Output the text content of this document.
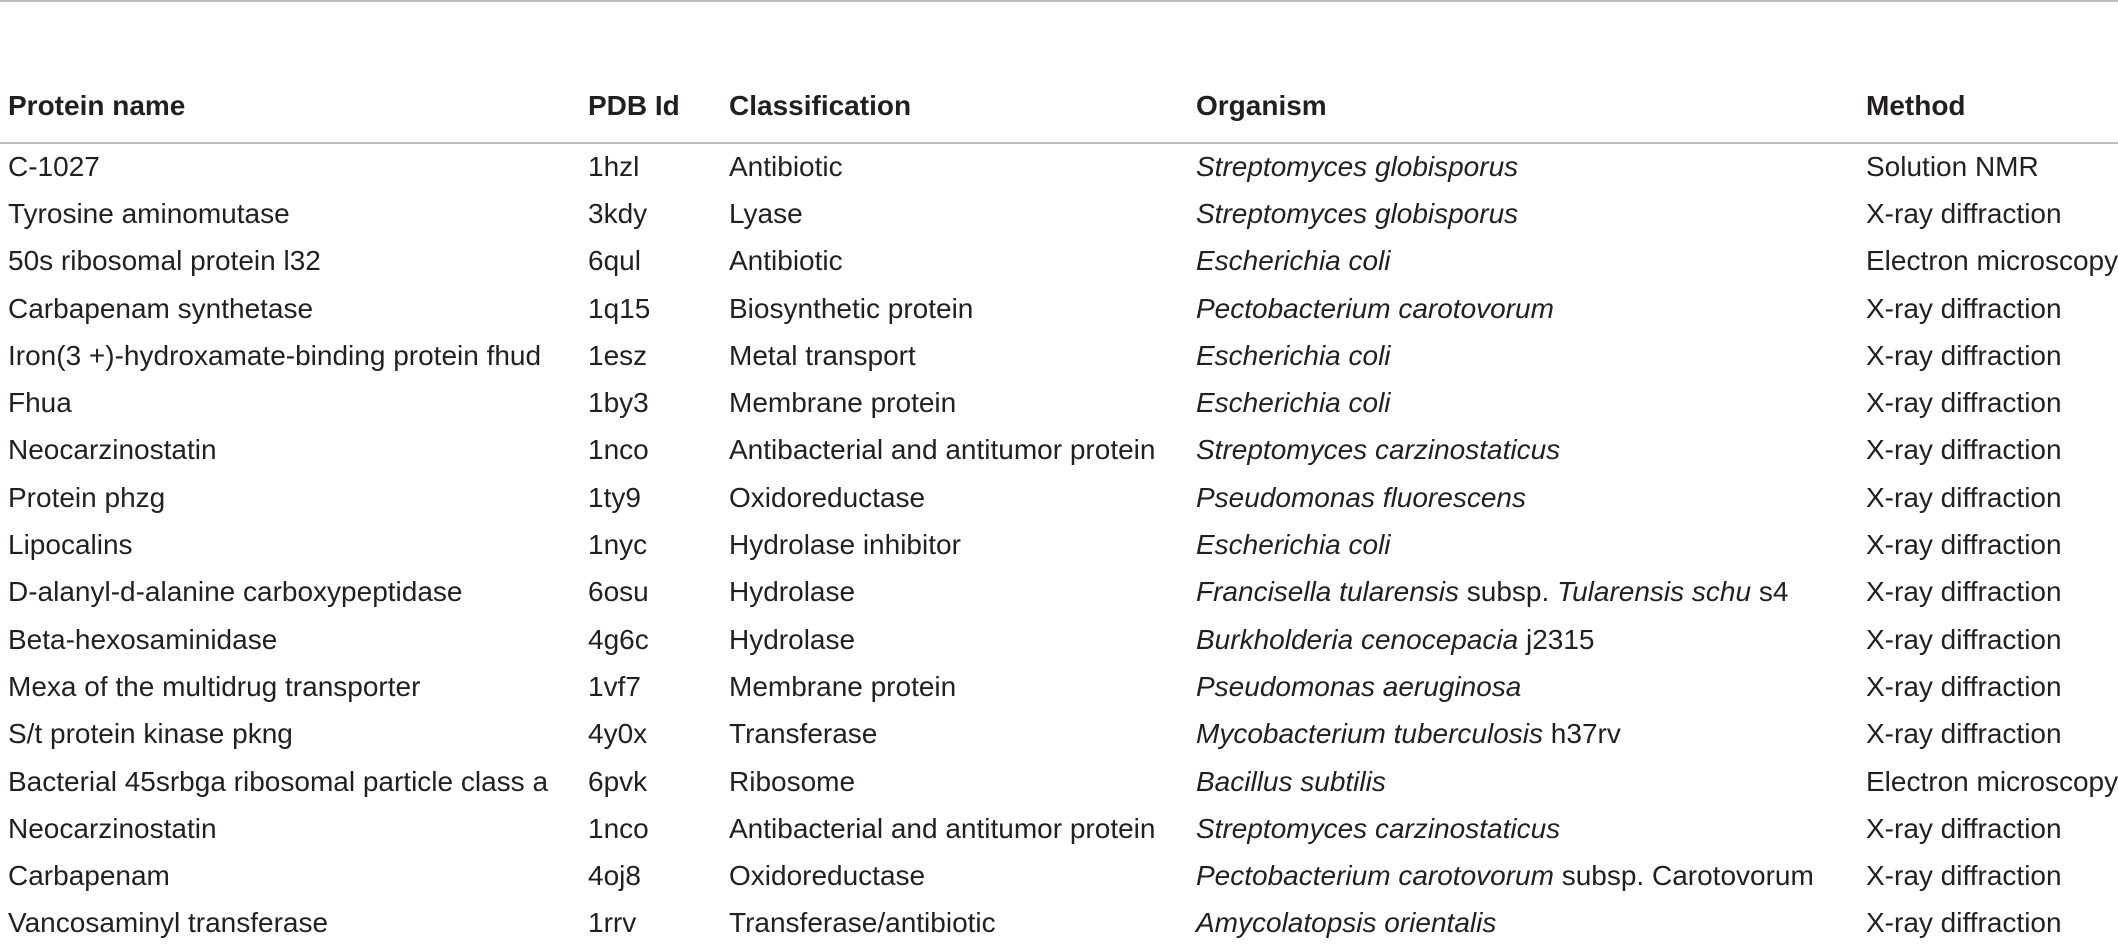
Protein name	PDB Id	Classification	Organism	Method
C-1027	1hzl	Antibiotic	Streptomyces globisporus	Solution NMR
Tyrosine aminomutase	3kdy	Lyase	Streptomyces globisporus	X-ray diffraction
50s ribosomal protein l32	6qul	Antibiotic	Escherichia coli	Electron microscopy
Carbapenam synthetase	1q15	Biosynthetic protein	Pectobacterium carotovorum	X-ray diffraction
Iron(3 +)-hydroxamate-binding protein fhud	1esz	Metal transport	Escherichia coli	X-ray diffraction
Fhua	1by3	Membrane protein	Escherichia coli	X-ray diffraction
Neocarzinostatin	1nco	Antibacterial and antitumor protein	Streptomyces carzinostaticus	X-ray diffraction
Protein phzg	1ty9	Oxidoreductase	Pseudomonas fluorescens	X-ray diffraction
Lipocalins	1nyc	Hydrolase inhibitor	Escherichia coli	X-ray diffraction
D-alanyl-d-alanine carboxypeptidase	6osu	Hydrolase	Francisella tularensis subsp. Tularensis schu s4	X-ray diffraction
Beta-hexosaminidase	4g6c	Hydrolase	Burkholderia cenocepacia j2315	X-ray diffraction
Mexa of the multidrug transporter	1vf7	Membrane protein	Pseudomonas aeruginosa	X-ray diffraction
S/t protein kinase pkng	4y0x	Transferase	Mycobacterium tuberculosis h37rv	X-ray diffraction
Bacterial 45srbga ribosomal particle class a	6pvk	Ribosome	Bacillus subtilis	Electron microscopy
Neocarzinostatin	1nco	Antibacterial and antitumor protein	Streptomyces carzinostaticus	X-ray diffraction
Carbapenam	4oj8	Oxidoreductase	Pectobacterium carotovorum subsp. Carotovorum	X-ray diffraction
Vancosaminyl transferase	1rrv	Transferase/antibiotic	Amycolatopsis orientalis	X-ray diffraction
